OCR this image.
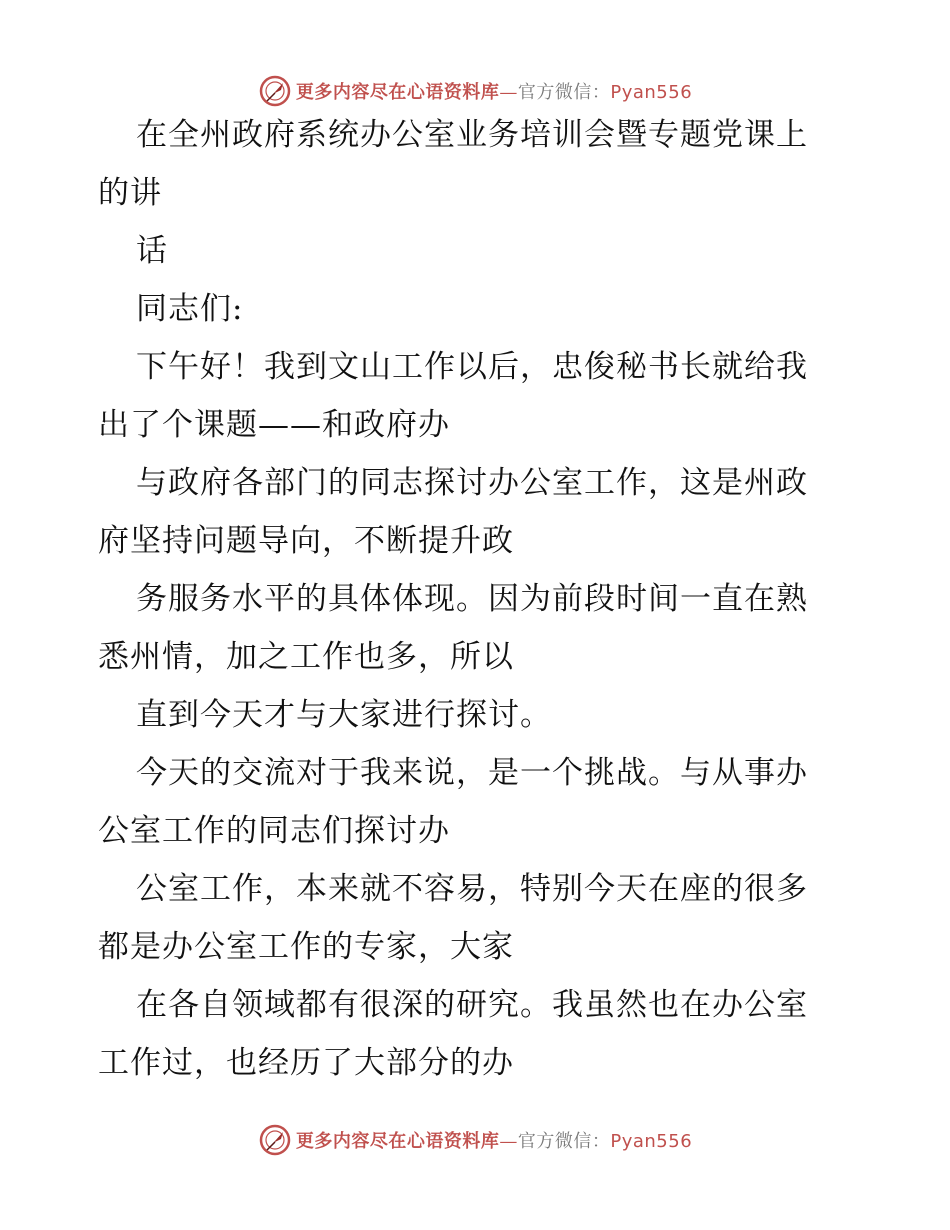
更多内容尽在心语资料库—官方微信：Pyan556
在全州政府系统办公室业务培训会暨专题党课上
的讲
话
同志们:
下午好！我到文山工作以后，忠俊秘书长就给我
出了个课题——和政府办
与政府各部门的同志探讨办公室工作，这是州政
府坚持问题导向，不断提升政
务服务水平的具体体现。因为前段时间一直在熟
悉州情，加之工作也多，所以
直到今天才与大家进行探讨。
今天的交流对于我来说，是一个挑战。与从事办
公室工作的同志们探讨办
公室工作，本来就不容易，特别今天在座的很多
都是办公室工作的专家，大家
在各自领域都有很深的研究。我虽然也在办公室
工作过，也经历了大部分的办
更多内容尽在心语资料库—官方微信：Pyan556
